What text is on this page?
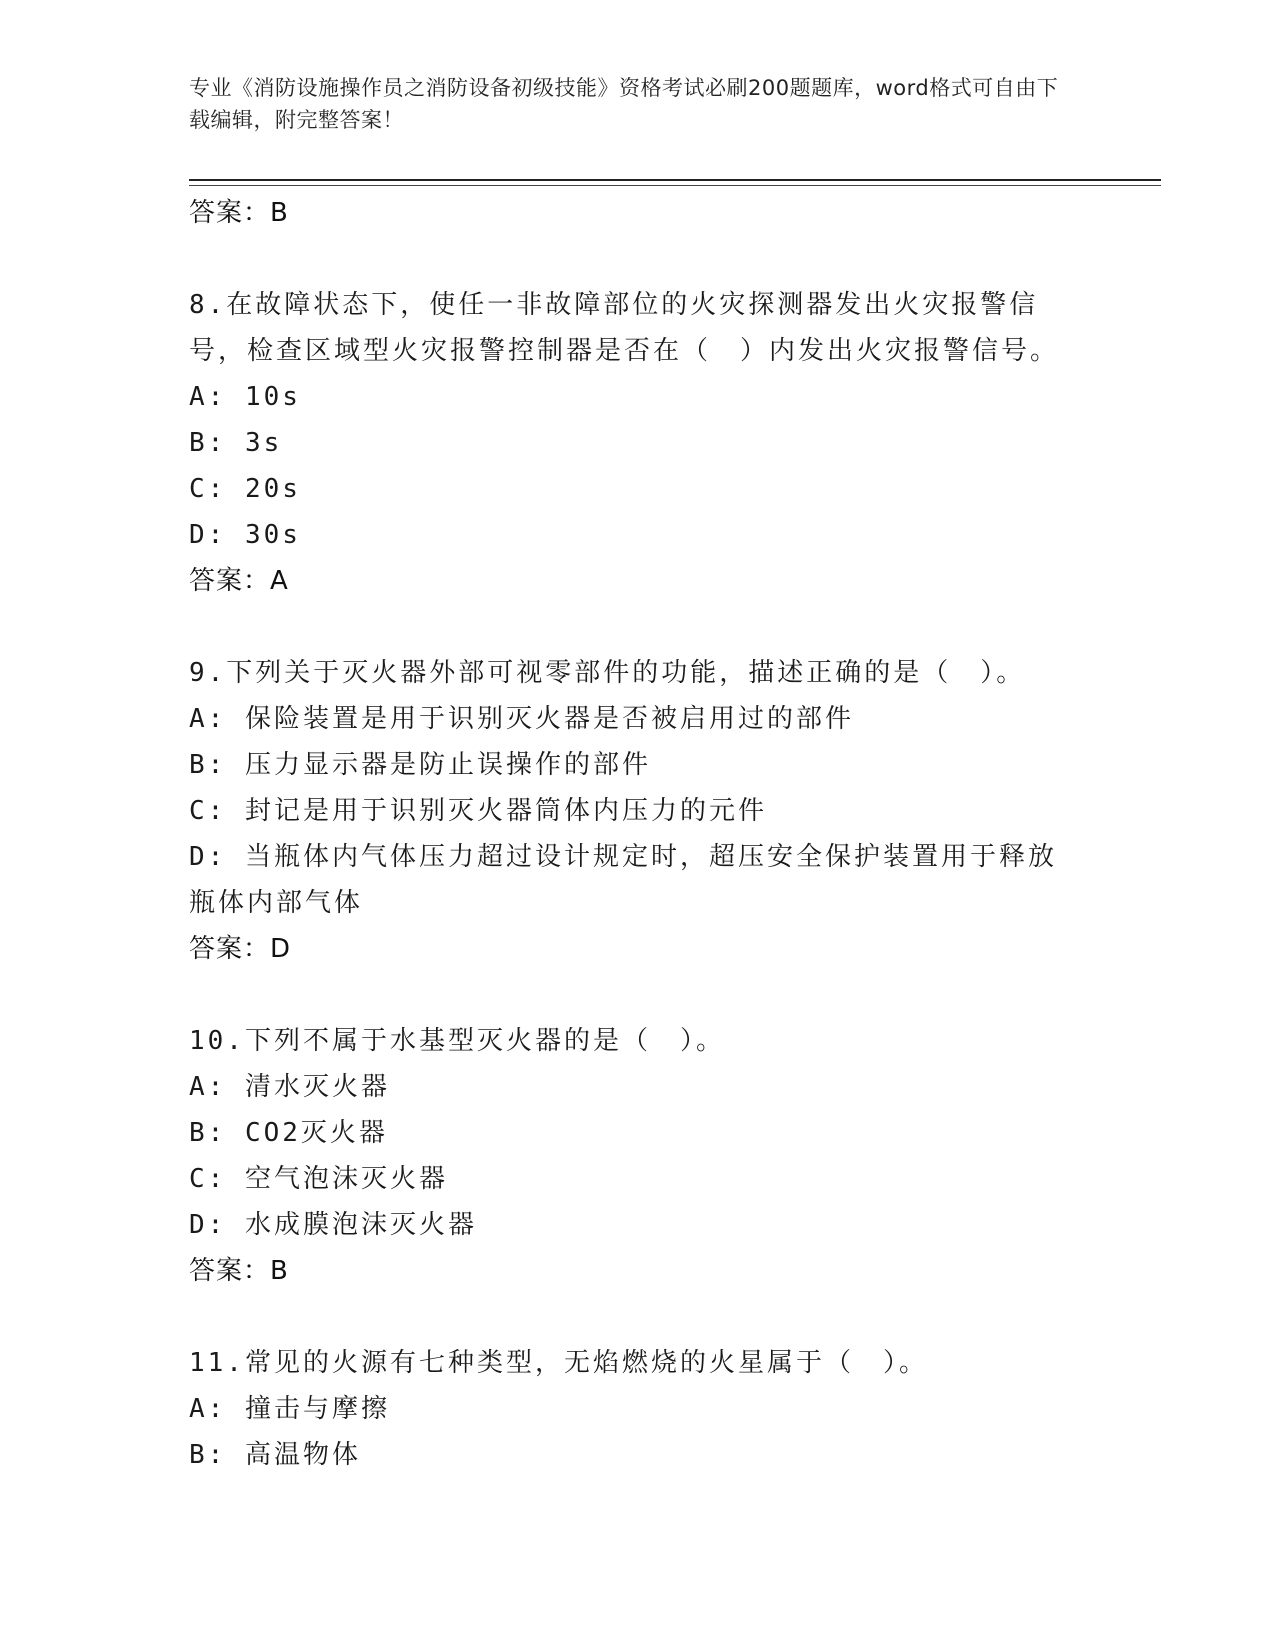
专业《消防设施操作员之消防设备初级技能》资格考试必刷200题题库，word格式可自由下载编辑，附完整答案！
答案：B
8.在故障状态下，使任一非故障部位的火灾探测器发出火灾报警信号，检查区域型火灾报警控制器是否在（　）内发出火灾报警信号。
A: 10s
B: 3s
C: 20s
D: 30s
答案：A
9.下列关于灭火器外部可视零部件的功能，描述正确的是（　）。
A: 保险装置是用于识别灭火器是否被启用过的部件
B: 压力显示器是防止误操作的部件
C: 封记是用于识别灭火器筒体内压力的元件
D: 当瓶体内气体压力超过设计规定时，超压安全保护装置用于释放瓶体内部气体
答案：D
10.下列不属于水基型灭火器的是（　）。
A: 清水灭火器
B: CO2灭火器
C: 空气泡沫灭火器
D: 水成膜泡沫灭火器
答案：B
11.常见的火源有七种类型，无焰燃烧的火星属于（　）。
A: 撞击与摩擦
B: 高温物体
